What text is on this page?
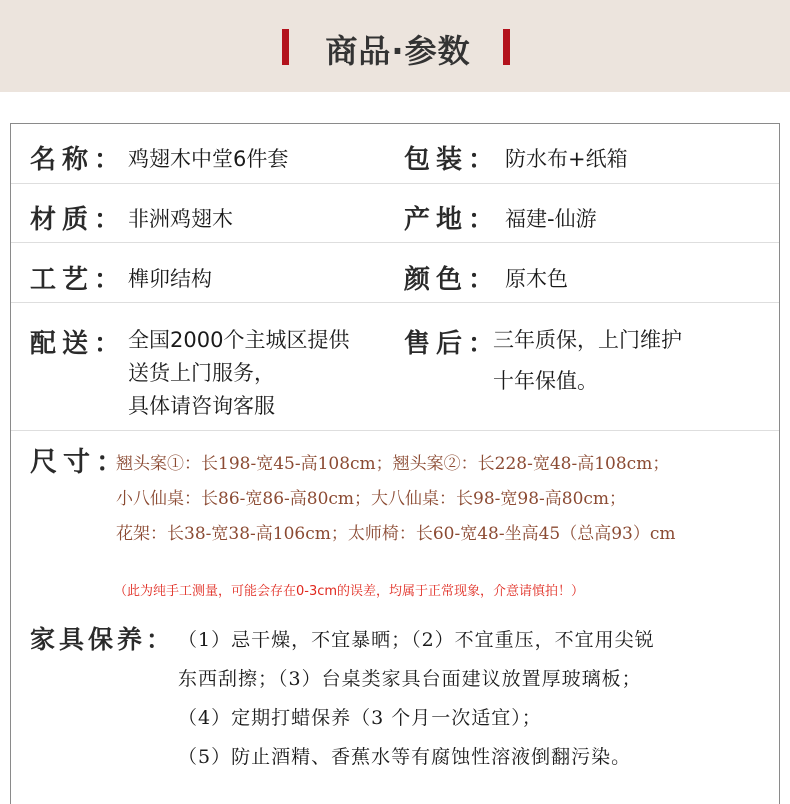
商品·参数
名称： 鸡翅木中堂6件套	包装： 防水布+纸箱
材质： 非洲鸡翅木	产地： 福建-仙游
工艺： 榫卯结构	颜色： 原木色
配送： 全国2000个主城区提供
送货上门服务，
具体请咨询客服
售后：
三年质保，上门维护
十年保值。
尺寸：
翘头案①：长198-宽45-高108cm；翘头案②：长228-宽48-高108cm；
小八仙桌：长86-宽86-高80cm；大八仙桌：长98-宽98-高80cm；
花架：长38-宽38-高106cm；太师椅：长60-宽48-坐高45（总高93）cm
（此为纯手工测量，可能会存在0-3cm的误差，均属于正常现象，介意请慎拍！）
家具保养： （1）忌干燥，不宜暴晒；（2）不宜重压，不宜用尖锐
东西刮擦；（3）台桌类家具台面建议放置厚玻璃板；
（4）定期打蜡保养（3 个月一次适宜）；
（5）防止酒精、香蕉水等有腐蚀性溶液倒翻污染。
